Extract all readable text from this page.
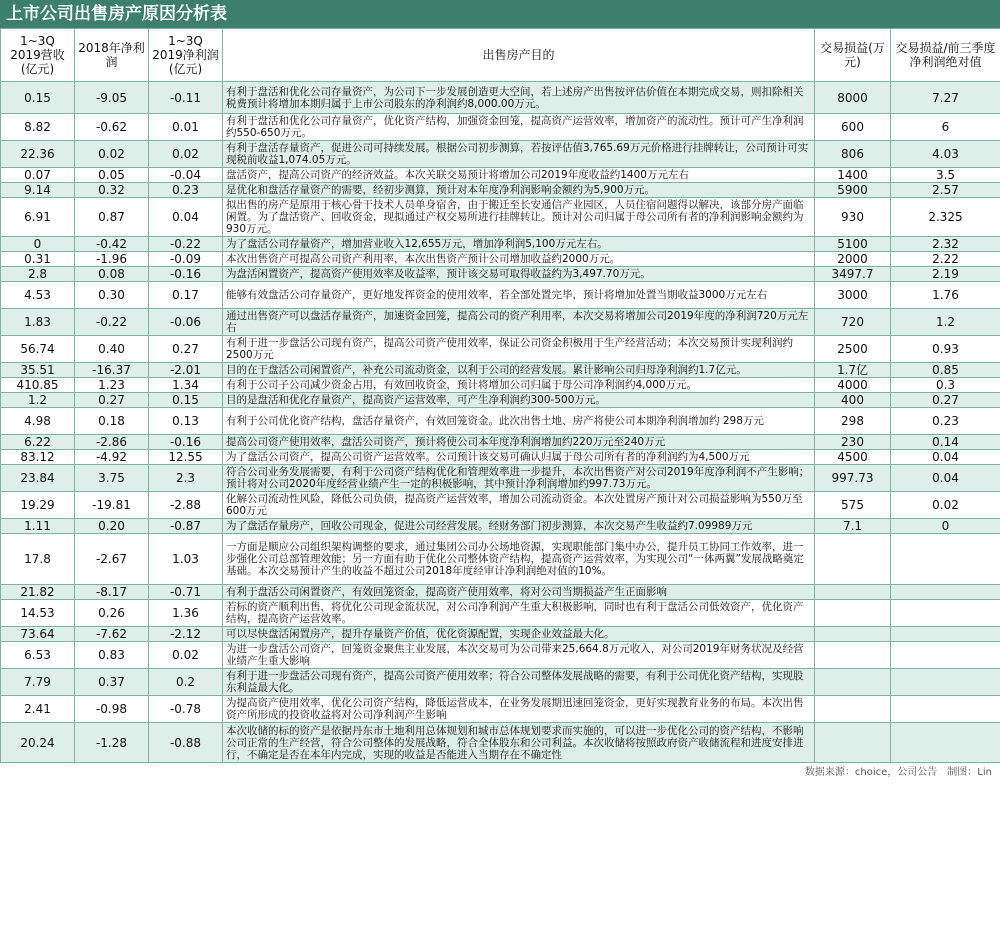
上市公司出售房产原因分析表
1~3Q 2019营收(亿元)	2018年净利润	1~3Q 2019净利润(亿元)	出售房产目的	交易损益(万元)	交易损益/前三季度净利润绝对值
0.15	-9.05	-0.11	有利于盘活和优化公司存量资产，为公司下一步发展创造更大空间，若上述房产出售按评估价值在本期完成交易，则扣除相关税费预计将增加本期归属于上市公司股东的净利润约8,000.00万元。	8000	7.27
8.82	-0.62	0.01	有利于盘活和优化公司存量资产，优化资产结构，加强资金回笼，提高资产运营效率，增加资产的流动性。预计可产生净利润约550-650万元。	600	6
22.36	0.02	0.02	有利于盘活存量资产，促进公司可持续发展。根据公司初步测算，若按评估值3,765.69万元价格进行挂牌转让，公司预计可实现税前收益1,074.05万元。	806	4.03
0.07	0.05	-0.04	盘活资产，提高公司资产的经济效益。本次关联交易预计将增加公司2019年度收益约1400万元左右	1400	3.5
9.14	0.32	0.23	是优化和盘活存量资产的需要，经初步测算，预计对本年度净利润影响金额约为5,900万元。	5900	2.57
6.91	0.87	0.04	拟出售的房产是原用于核心骨干技术人员单身宿舍，由于搬迁至长安通信产业园区，人员住宿问题得以解决，该部分房产面临闲置。为了盘活资产、回收资金，现拟通过产权交易所进行挂牌转让。预计对公司归属于母公司所有者的净利润影响金额约为930万元。	930	2.325
0	-0.42	-0.22	为了盘活公司存量资产，增加营业收入12,655万元，增加净利润5,100万元左右。	5100	2.32
0.31	-1.96	-0.09	本次出售资产可提高公司资产利用率，本次出售资产预计公司增加收益约2000万元。	2000	2.22
2.8	0.08	-0.16	为盘活闲置资产，提高资产使用效率及收益率，预计该交易可取得收益约为3,497.70万元。	3497.7	2.19
4.53	0.30	0.17	能够有效盘活公司存量资产，更好地发挥资金的使用效率，若全部处置完毕，预计将增加处置当期收益3000万元左右	3000	1.76
1.83	-0.22	-0.06	通过出售资产可以盘活存量资产，加速资金回笼，提高公司的资产利用率，本次交易将增加公司2019年度的净利润720万元左右	720	1.2
56.74	0.40	0.27	有利于进一步盘活公司现有资产，提高公司资产使用效率，保证公司资金积极用于生产经营活动；本次交易预计实现利润约2500万元	2500	0.93
35.51	-16.37	-2.01	目的在于盘活公司闲置资产，补充公司流动资金，以利于公司的经营发展。累计影响公司归母净利润约1.7亿元。	1.7亿	0.85
410.85	1.23	1.34	有利于公司子公司减少资金占用，有效回收资金，预计将增加公司归属于母公司净利润约4,000万元。	4000	0.3
1.2	0.27	0.15	目的是盘活和优化存量资产，提高资产运营效率，可产生净利润约300-500万元。	400	0.27
4.98	0.18	0.13	有利于公司优化资产结构，盘活存量资产，有效回笼资金。此次出售土地、房产将使公司本期净利润增加约 298万元	298	0.23
6.22	-2.86	-0.16	提高公司资产使用效率，盘活公司资产，预计将使公司本年度净利润增加约220万元至240万元	230	0.14
83.12	-4.92	12.55	为了盘活公司资产，提高公司资产运营效率。公司预计该交易可确认归属于母公司所有者的净利润约为4,500万元	4500	0.04
23.84	3.75	2.3	符合公司业务发展需要，有利于公司资产结构优化和管理效率进一步提升，本次出售资产对公司2019年度净利润不产生影响；预计将对公司2020年度经营业绩产生一定的积极影响，其中预计净利润增加约997.73万元。	997.73	0.04
19.29	-19.81	-2.88	化解公司流动性风险，降低公司负债，提高资产运营效率，增加公司流动资金。本次处置房产预计对公司损益影响为550万至600万元	575	0.02
1.11	0.20	-0.87	为了盘活存量房产，回收公司现金，促进公司经营发展。经财务部门初步测算，本次交易产生收益约7.09989万元	7.1	0
17.8	-2.67	1.03	一方面是顺应公司组织架构调整的要求，通过集团公司办公场地资源，实现职能部门集中办公，提升员工协同工作效率，进一步强化公司总部管理效能；另一方面有助于优化公司整体资产结构，提高资产运营效率，为实现公司“一体两翼”发展战略奠定基础。本次交易预计产生的收益不超过公司2018年度经审计净利润绝对值的10%。		
21.82	-8.17	-0.71	有利于盘活公司闲置资产，有效回笼资金，提高资产使用效率，将对公司当期损益产生正面影响		
14.53	0.26	1.36	若标的资产顺利出售，将优化公司现金流状况，对公司净利润产生重大积极影响，同时也有利于盘活公司低效资产，优化资产结构，提高资产运营效率。		
73.64	-7.62	-2.12	可以尽快盘活闲置房产，提升存量资产价值，优化资源配置，实现企业效益最大化。		
6.53	0.83	0.02	为进一步盘活公司资产，回笼资金聚焦主业发展，本次交易可为公司带来25,664.8万元收入，对公司2019年财务状况及经营业绩产生重大影响		
7.79	0.37	0.2	有利于进一步盘活公司现有资产，提高公司资产使用效率；符合公司整体发展战略的需要，有利于公司优化资产结构，实现股东利益最大化。		
2.41	-0.98	-0.78	为提高资产使用效率，优化公司资产结构，降低运营成本，在业务发展期迅速回笼资金，更好实现教育业务的布局。本次出售资产所形成的投资收益将对公司净利润产生影响		
20.24	-1.28	-0.88	本次收储的标的资产是依据丹东市土地利用总体规划和城市总体规划要求而实施的，可以进一步优化公司的资产结构，不影响公司正常的生产经营，符合公司整体的发展战略，符合全体股东和公司利益。本次收储将按照政府资产收储流程和进度安排进行，不确定是否在本年内完成，实现的收益是否能进入当期存在不确定性		
数据来源：choice，公司公告　制图：Lin
